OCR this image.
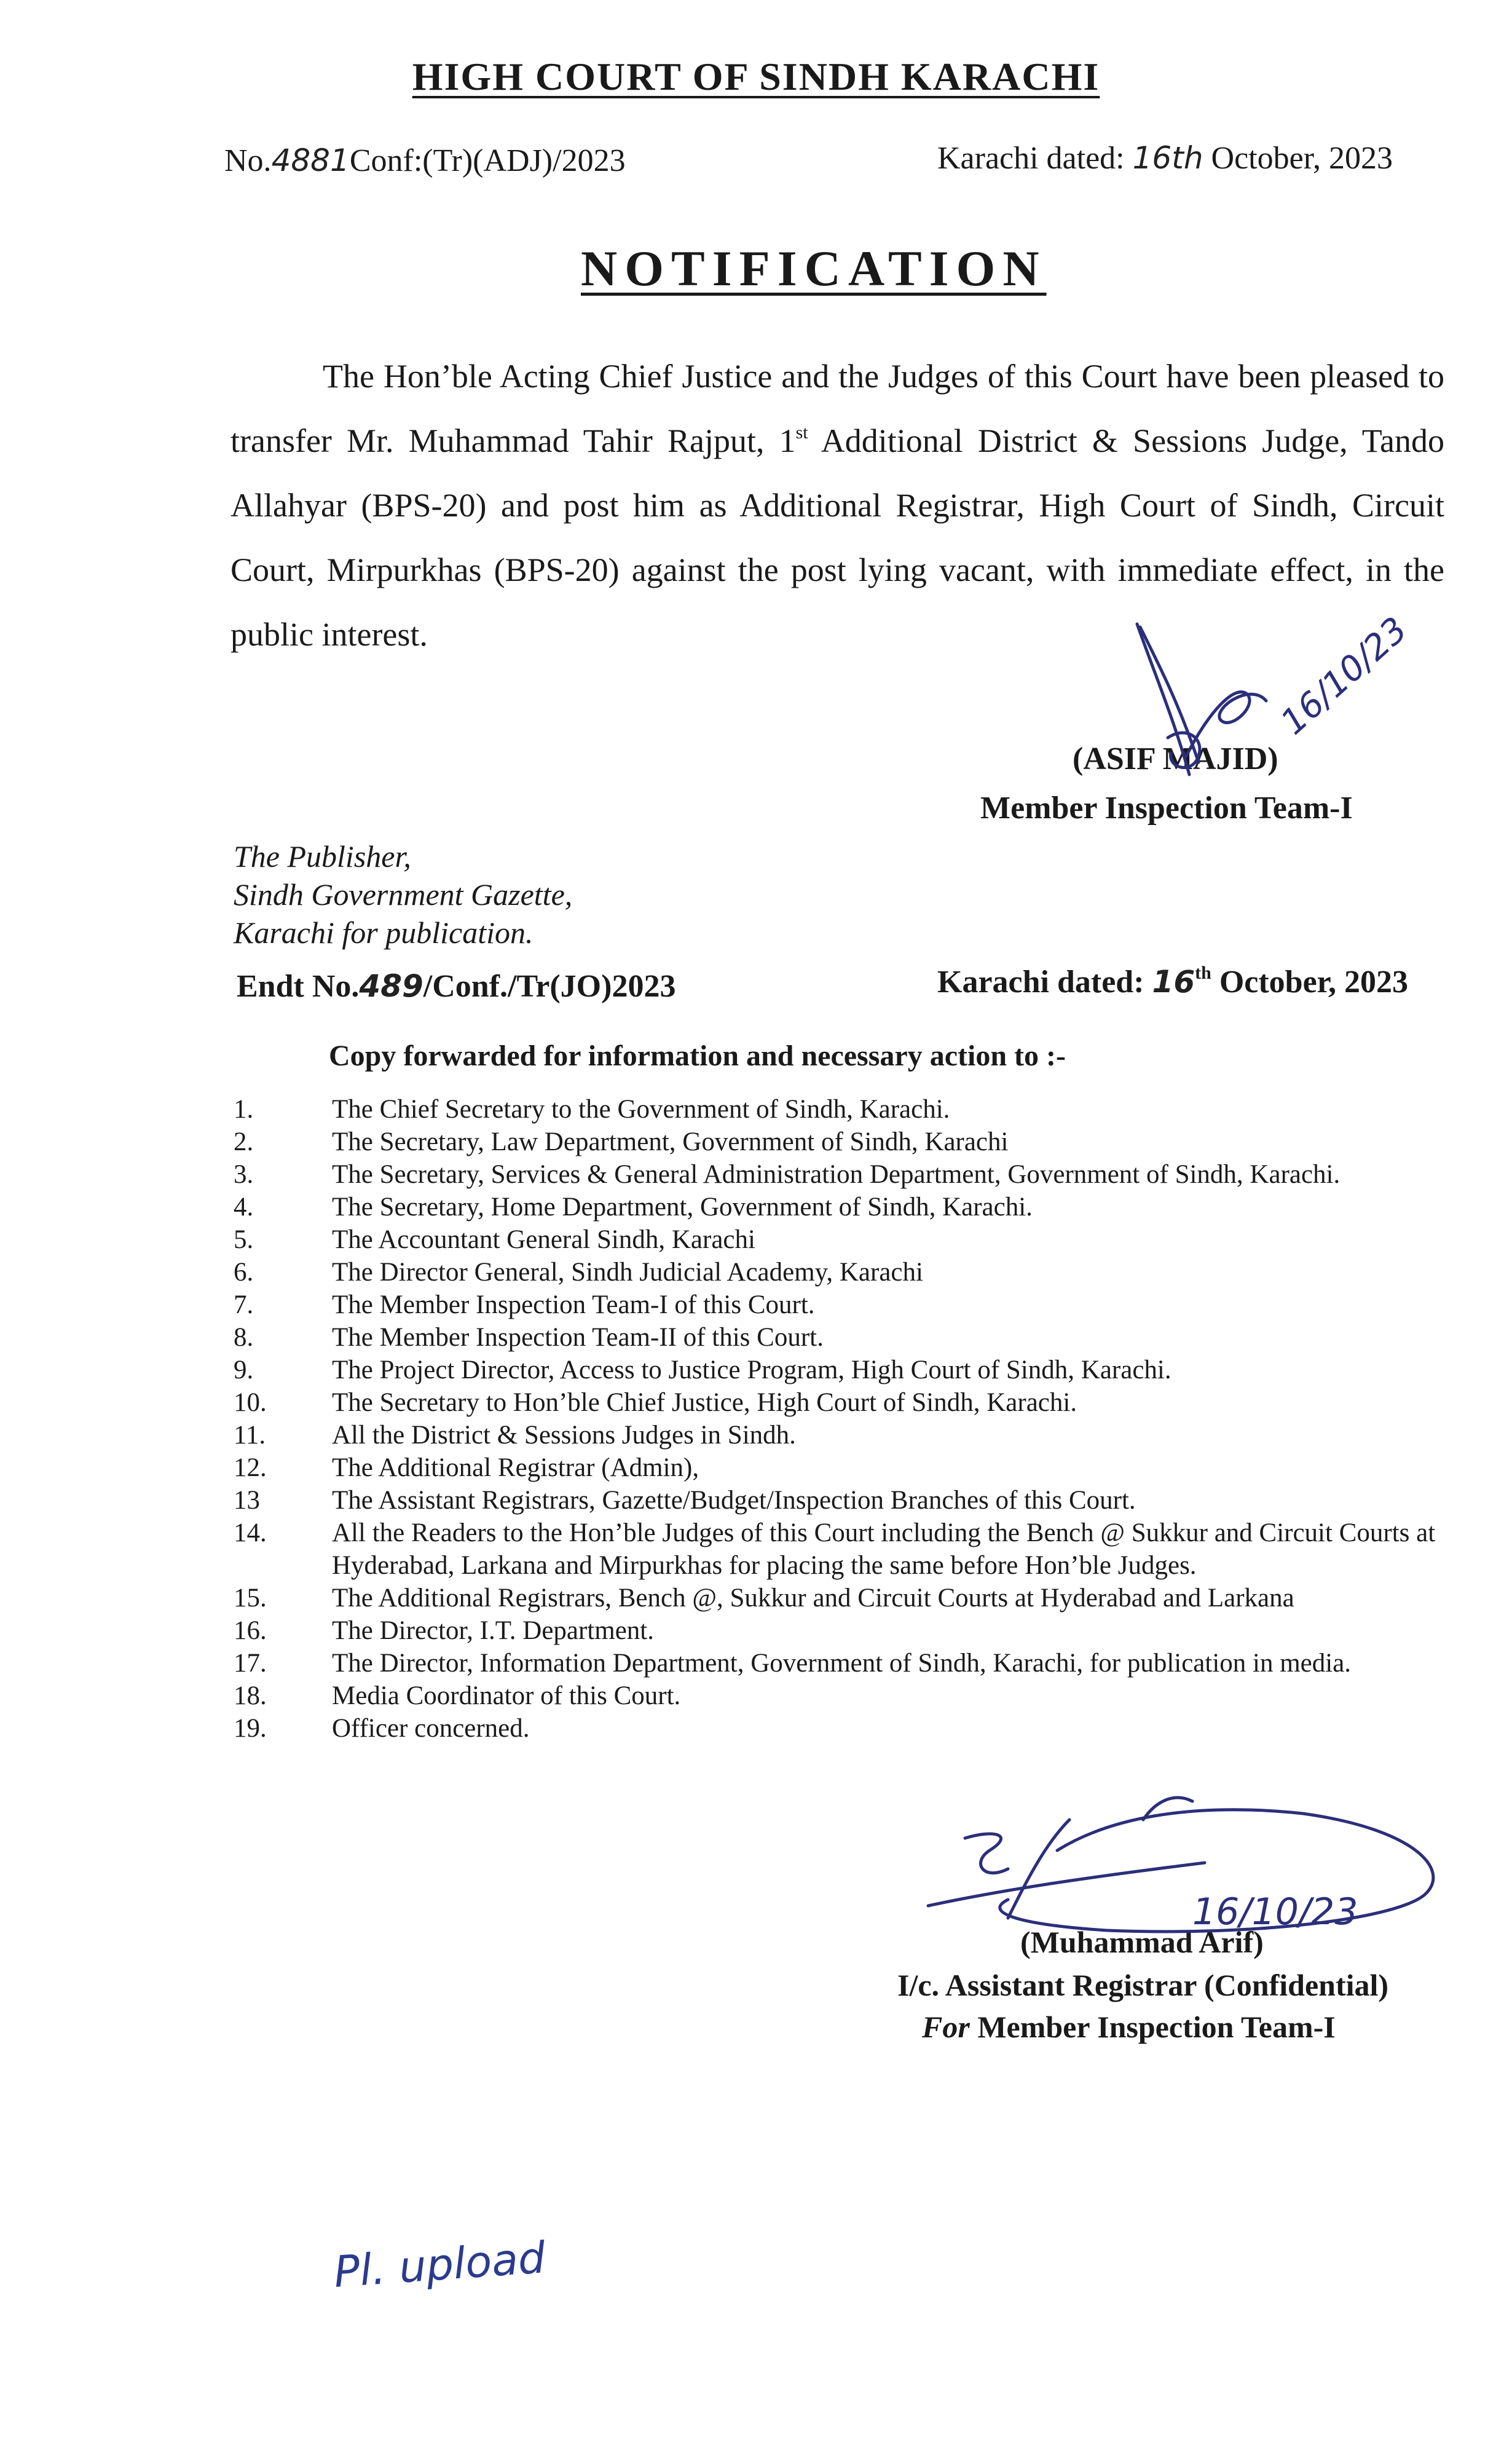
HIGH COURT OF SINDH KARACHI
No.4881Conf:(Tr)(ADJ)/2023	Karachi dated: 16th October, 2023
NOTIFICATION
The Hon’ble Acting Chief Justice and the Judges of this Court have been pleased to transfer Mr. Muhammad Tahir Rajput, 1st Additional District & Sessions Judge, Tando Allahyar (BPS-20) and post him as Additional Registrar, High Court of Sindh, Circuit Court, Mirpurkhas (BPS-20) against the post lying vacant, with immediate effect, in the public interest.
(ASIF MAJID)
Member Inspection Team-I
The Publisher,
Sindh Government Gazette,
Karachi for publication.
Endt No.489/Conf./Tr(JO)2023	Karachi dated: 16th October, 2023
Copy forwarded for information and necessary action to :-
1.	The Chief Secretary to the Government of Sindh, Karachi.
2.	The Secretary, Law Department, Government of Sindh, Karachi
3.	The Secretary, Services & General Administration Department, Government of Sindh, Karachi.
4.	The Secretary, Home Department, Government of Sindh, Karachi.
5.	The Accountant General Sindh, Karachi
6.	The Director General, Sindh Judicial Academy, Karachi
7.	The Member Inspection Team-I of this Court.
8.	The Member Inspection Team-II of this Court.
9.	The Project Director, Access to Justice Program, High Court of Sindh, Karachi.
10.	The Secretary to Hon’ble Chief Justice, High Court of Sindh, Karachi.
11.	All the District & Sessions Judges in Sindh.
12.	The Additional Registrar (Admin),
13	The Assistant Registrars, Gazette/Budget/Inspection Branches of this Court.
14.	All the Readers to the Hon’ble Judges of this Court including the Bench @ Sukkur and Circuit Courts at Hyderabad, Larkana and Mirpurkhas for placing the same before Hon’ble Judges.
15.	The Additional Registrars, Bench @, Sukkur and Circuit Courts at Hyderabad and Larkana
16.	The Director, I.T. Department.
17.	The Director, Information Department, Government of Sindh, Karachi, for publication in media.
18.	Media Coordinator of this Court.
19.	Officer concerned.
(Muhammad Arif)
I/c. Assistant Registrar (Confidential)
For Member Inspection Team-I
16/10/23
16/10/23
Pl. upload
